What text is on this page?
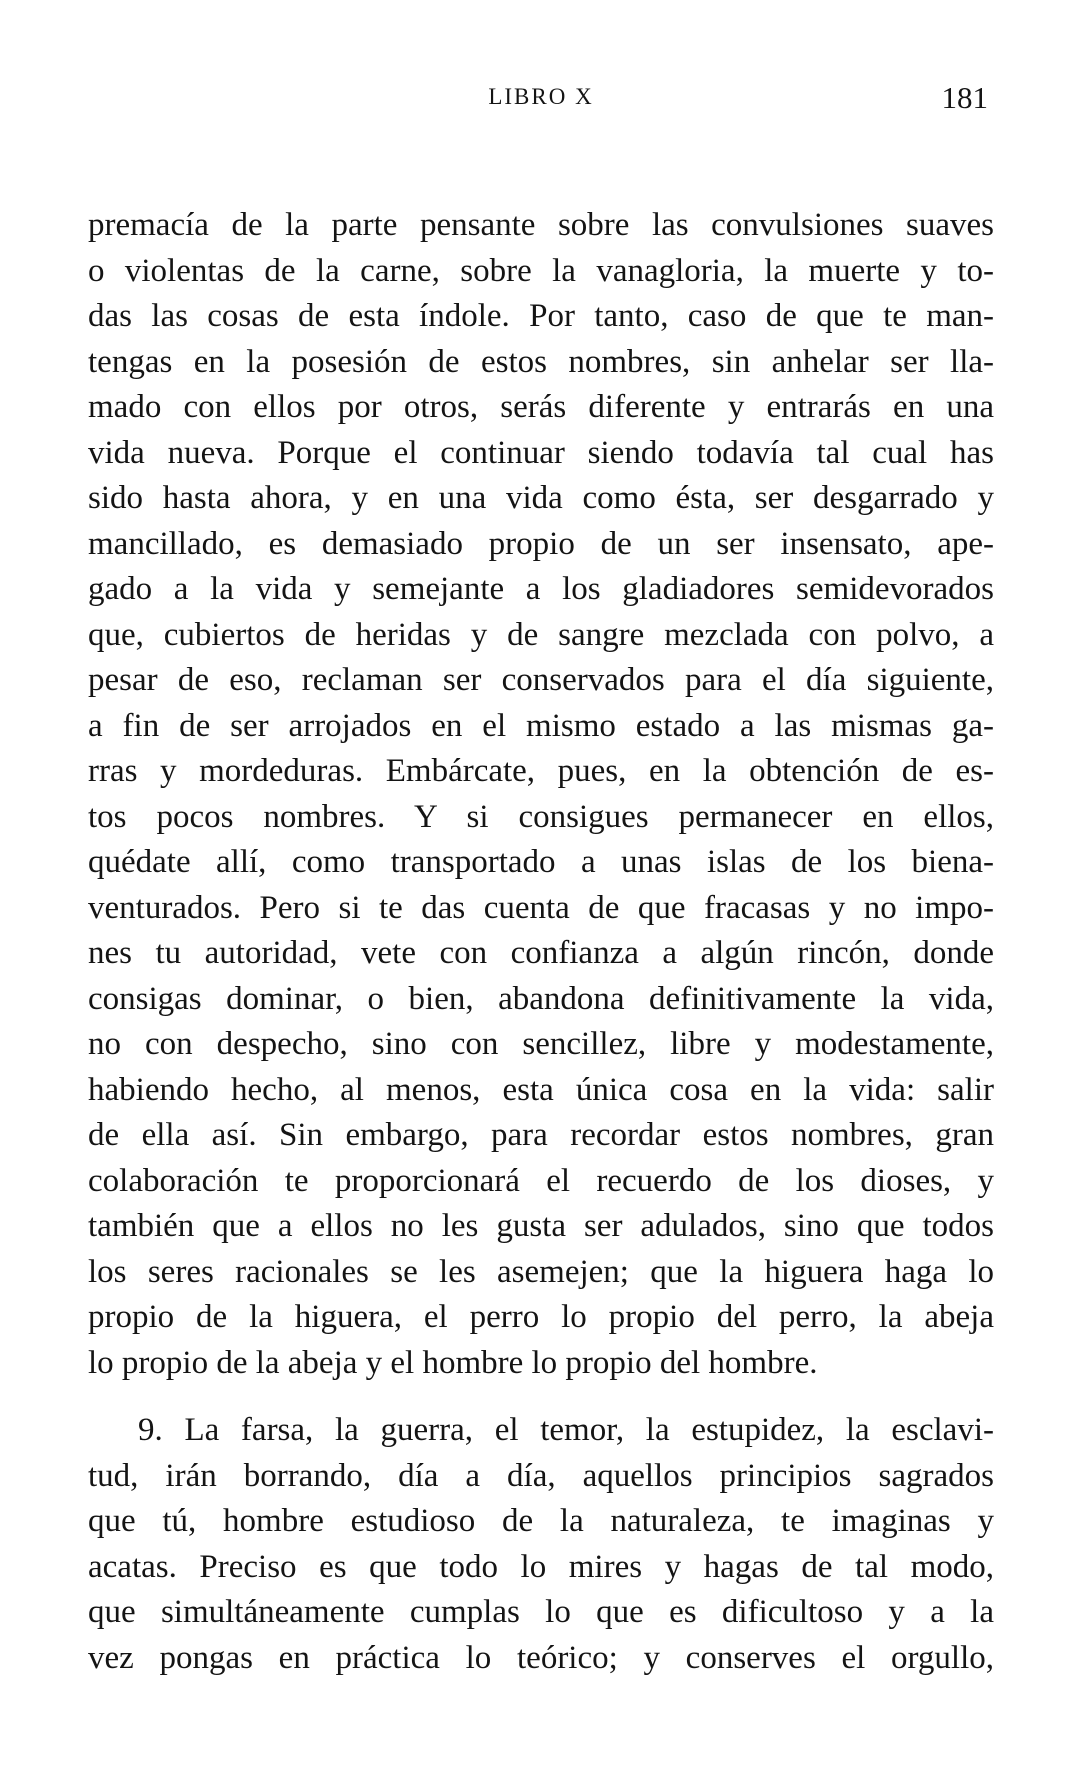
LIBRO X	181
premacía de la parte pensante sobre las convulsiones suaves
o violentas de la carne, sobre la vanagloria, la muerte y to-
das las cosas de esta índole. Por tanto, caso de que te man-
tengas en la posesión de estos nombres, sin anhelar ser lla-
mado con ellos por otros, serás diferente y entrarás en una
vida nueva. Porque el continuar siendo todavía tal cual has
sido hasta ahora, y en una vida como ésta, ser desgarrado y
mancillado, es demasiado propio de un ser insensato, ape-
gado a la vida y semejante a los gladiadores semidevorados
que, cubiertos de heridas y de sangre mezclada con polvo, a
pesar de eso, reclaman ser conservados para el día siguiente,
a fin de ser arrojados en el mismo estado a las mismas ga-
rras y mordeduras. Embárcate, pues, en la obtención de es-
tos pocos nombres. Y si consigues permanecer en ellos,
quédate allí, como transportado a unas islas de los biena-
venturados. Pero si te das cuenta de que fracasas y no impo-
nes tu autoridad, vete con confianza a algún rincón, donde
consigas dominar, o bien, abandona definitivamente la vida,
no con despecho, sino con sencillez, libre y modestamente,
habiendo hecho, al menos, esta única cosa en la vida: salir
de ella así. Sin embargo, para recordar estos nombres, gran
colaboración te proporcionará el recuerdo de los dioses, y
también que a ellos no les gusta ser adulados, sino que todos
los seres racionales se les asemejen; que la higuera haga lo
propio de la higuera, el perro lo propio del perro, la abeja
lo propio de la abeja y el hombre lo propio del hombre.
9. La farsa, la guerra, el temor, la estupidez, la esclavi-
tud, irán borrando, día a día, aquellos principios sagrados
que tú, hombre estudioso de la naturaleza, te imaginas y
acatas. Preciso es que todo lo mires y hagas de tal modo,
que simultáneamente cumplas lo que es dificultoso y a la
vez pongas en práctica lo teórico; y conserves el orgullo,
